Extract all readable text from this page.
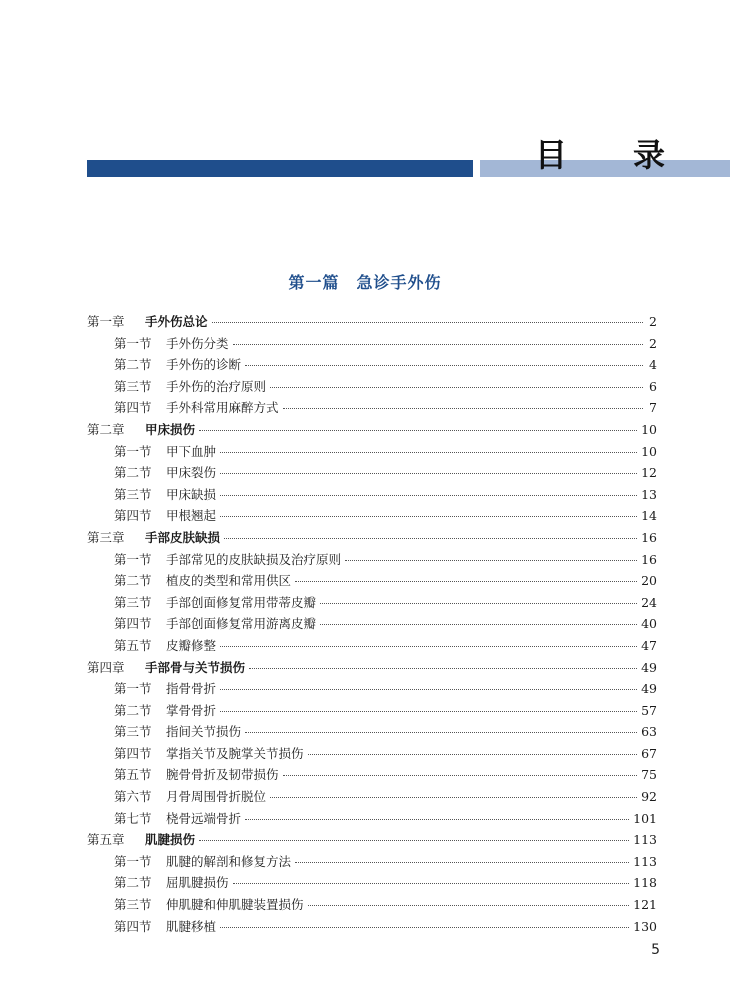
目 录
第一篇　急诊手外伤
第一章	手外伤总论	2
第一节	手外伤分类	2
第二节	手外伤的诊断	4
第三节	手外伤的治疗原则	6
第四节	手外科常用麻醉方式	7
第二章	甲床损伤	10
第一节	甲下血肿	10
第二节	甲床裂伤	12
第三节	甲床缺损	13
第四节	甲根翘起	14
第三章	手部皮肤缺损	16
第一节	手部常见的皮肤缺损及治疗原则	16
第二节	植皮的类型和常用供区	20
第三节	手部创面修复常用带蒂皮瓣	24
第四节	手部创面修复常用游离皮瓣	40
第五节	皮瓣修整	47
第四章	手部骨与关节损伤	49
第一节	指骨骨折	49
第二节	掌骨骨折	57
第三节	指间关节损伤	63
第四节	掌指关节及腕掌关节损伤	67
第五节	腕骨骨折及韧带损伤	75
第六节	月骨周围骨折脱位	92
第七节	桡骨远端骨折	101
第五章	肌腱损伤	113
第一节	肌腱的解剖和修复方法	113
第二节	屈肌腱损伤	118
第三节	伸肌腱和伸肌腱装置损伤	121
第四节	肌腱移植	130
5
